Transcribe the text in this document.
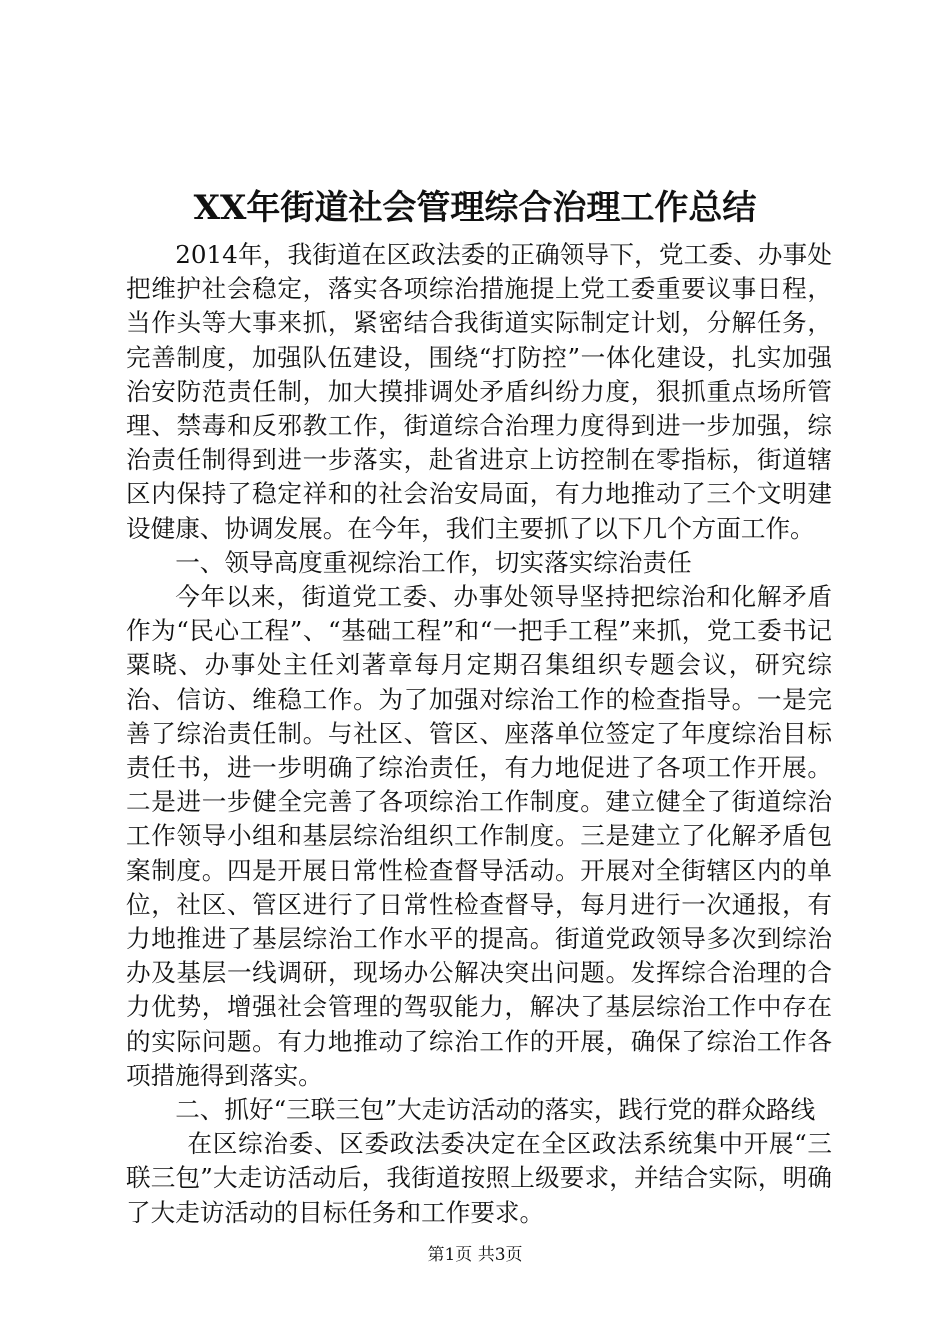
XX年街道社会管理综合治理工作总结

2014年，我街道在区政法委的正确领导下，党工委、办事处把维护社会稳定，落实各项综治措施提上党工委重要议事日程，当作头等大事来抓，紧密结合我街道实际制定计划，分解任务，完善制度，加强队伍建设，围绕“打防控”一体化建设，扎实加强治安防范责任制，加大摸排调处矛盾纠纷力度，狠抓重点场所管理、禁毒和反邪教工作，街道综合治理力度得到进一步加强，综治责任制得到进一步落实，赴省进京上访控制在零指标，街道辖区内保持了稳定祥和的社会治安局面，有力地推动了三个文明建设健康、协调发展。在今年，我们主要抓了以下几个方面工作。

一、领导高度重视综治工作，切实落实综治责任

今年以来，街道党工委、办事处领导坚持把综治和化解矛盾作为“民心工程”、“基础工程”和“一把手工程”来抓，党工委书记粟晓、办事处主任刘著章每月定期召集组织专题会议，研究综治、信访、维稳工作。为了加强对综治工作的检查指导。一是完善了综治责任制。与社区、管区、座落单位签定了年度综治目标责任书，进一步明确了综治责任，有力地促进了各项工作开展。二是进一步健全完善了各项综治工作制度。建立健全了街道综治工作领导小组和基层综治组织工作制度。三是建立了化解矛盾包案制度。四是开展日常性检查督导活动。开展对全街辖区内的单位，社区、管区进行了日常性检查督导，每月进行一次通报，有力地推进了基层综治工作水平的提高。街道党政领导多次到综治办及基层一线调研，现场办公解决突出问题。发挥综合治理的合力优势，增强社会管理的驾驭能力，解决了基层综治工作中存在的实际问题。有力地推动了综治工作的开展，确保了综治工作各项措施得到落实。

二、抓好“三联三包”大走访活动的落实，践行党的群众路线

在区综治委、区委政法委决定在全区政法系统集中开展“三联三包”大走访活动后，我街道按照上级要求，并结合实际，明确了大走访活动的目标任务和工作要求。

第1页 共3页
